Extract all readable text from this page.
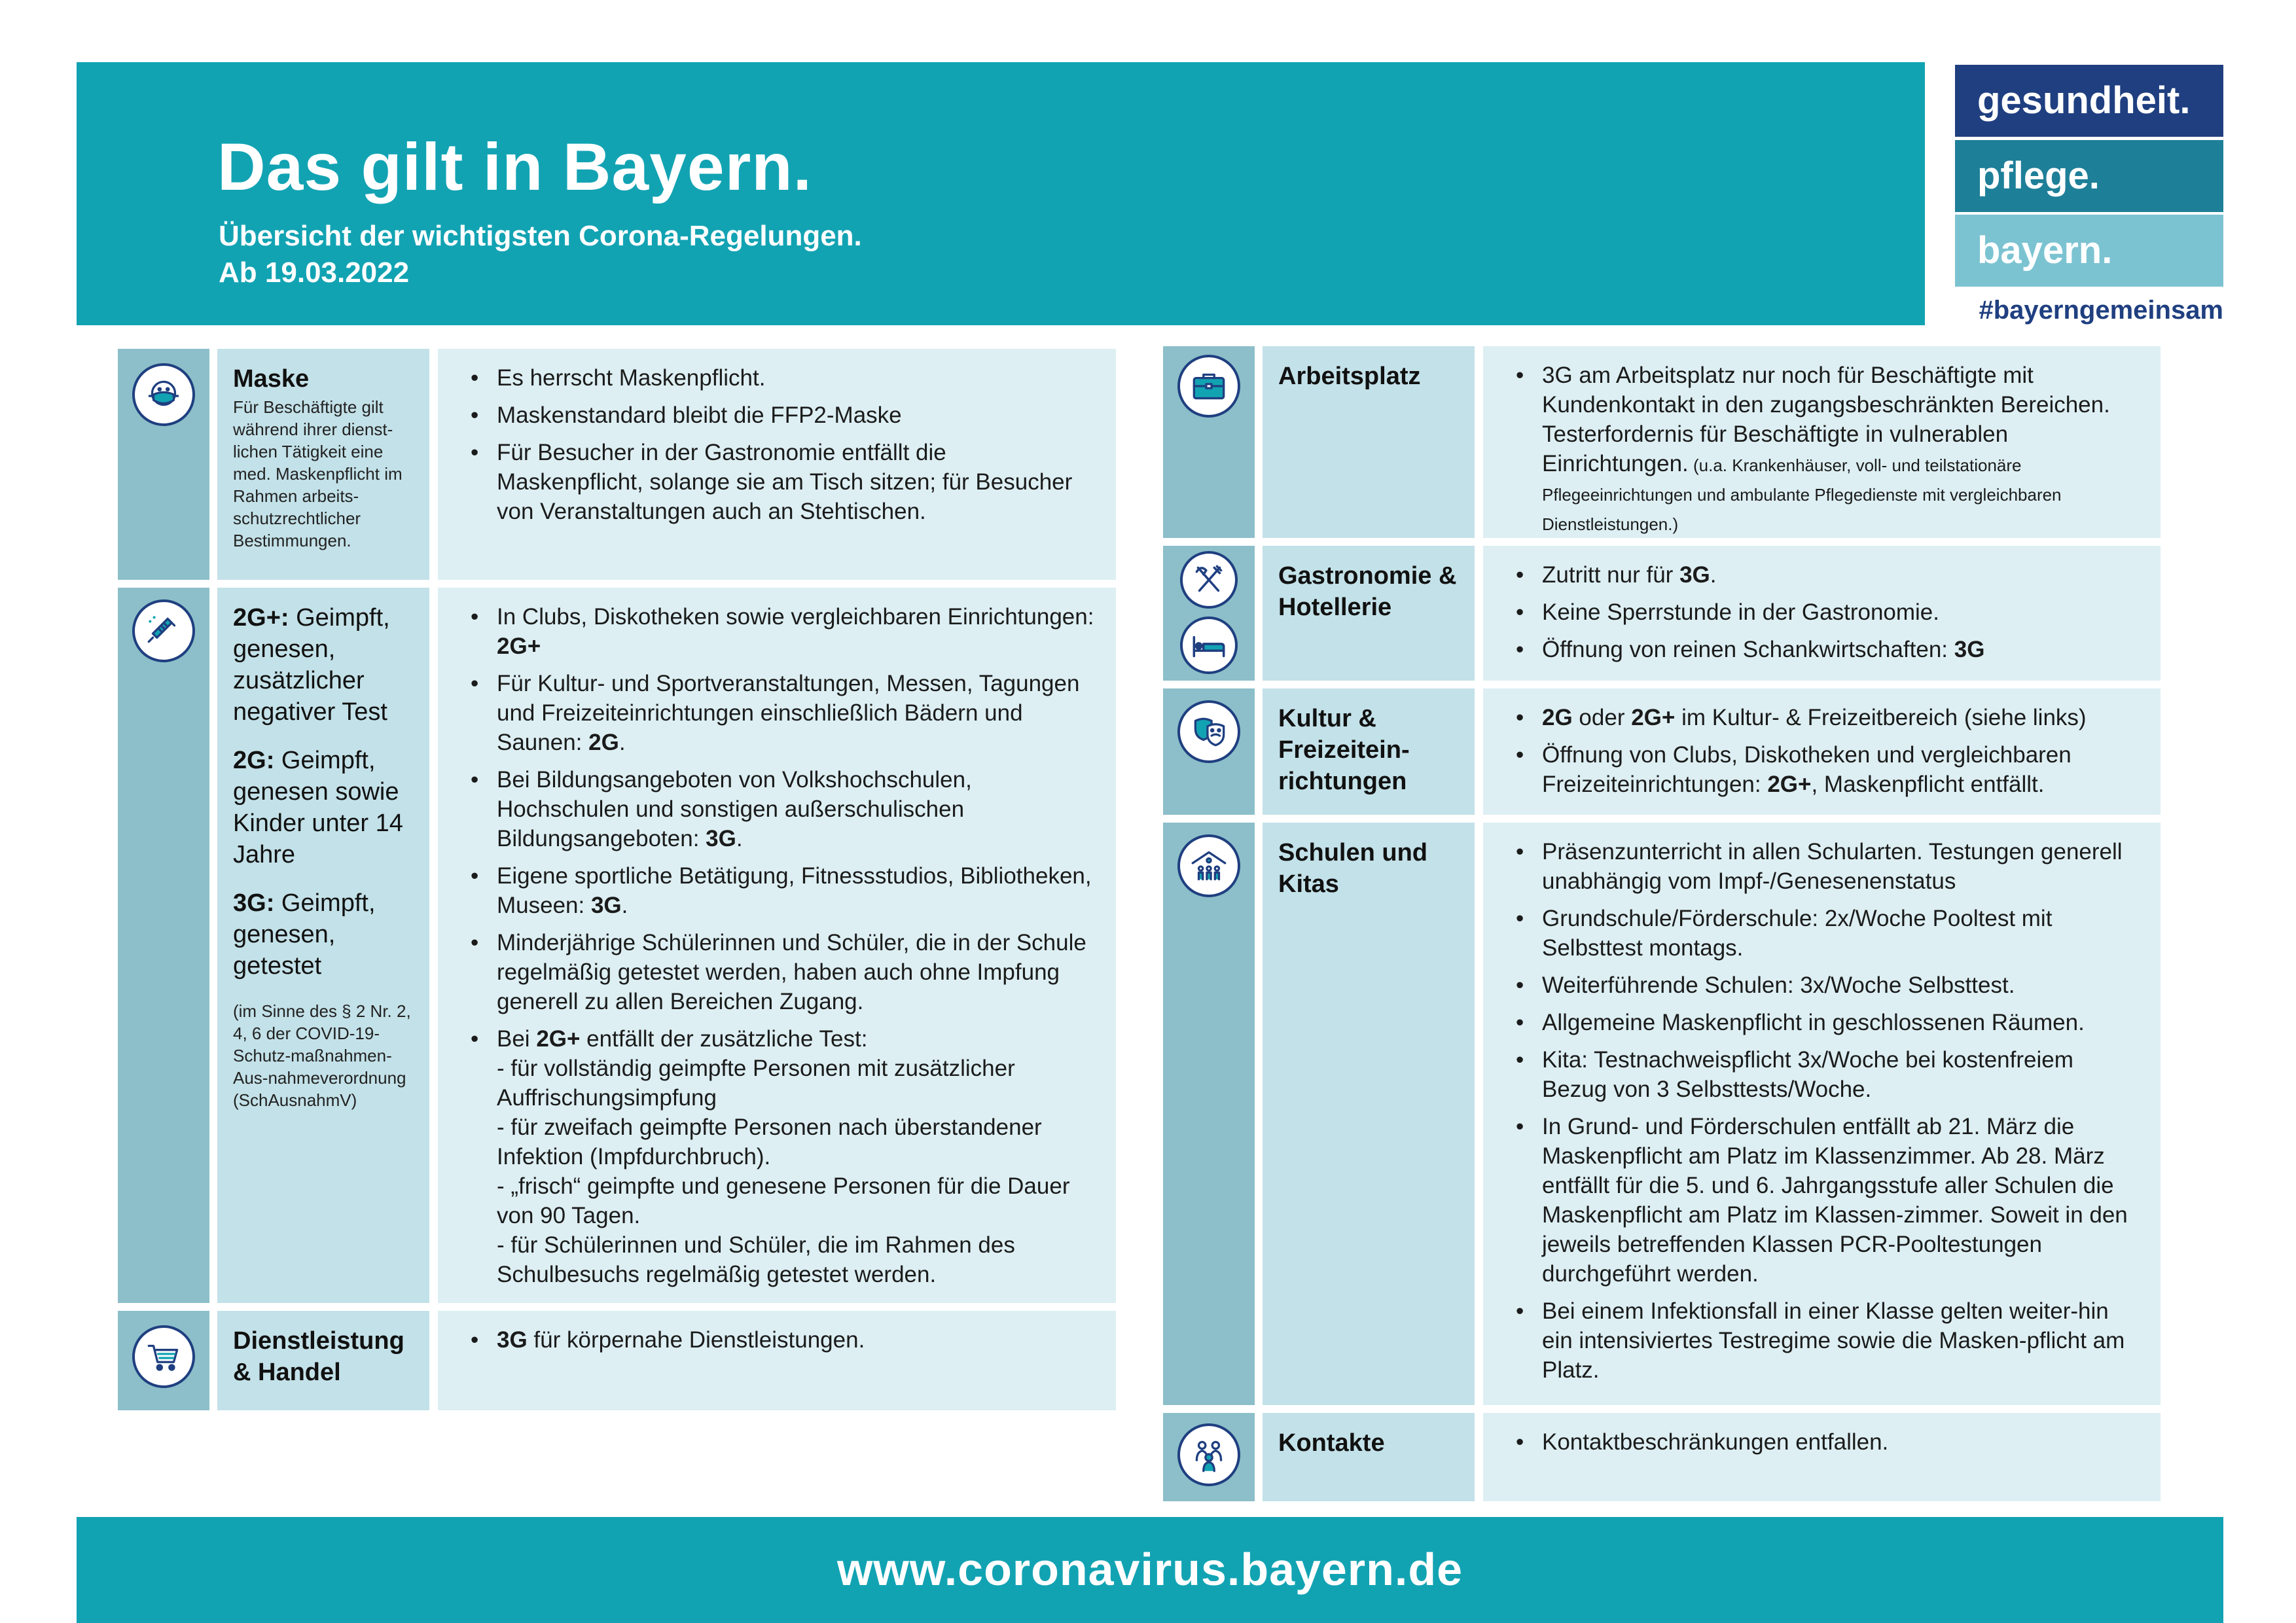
Das gilt in Bayern.
Übersicht der wichtigsten Corona-Regelungen.
Ab 19.03.2022
gesundheit.
pflege.
bayern.
#bayerngemeinsam
Maske
Für Beschäftigte gilt während ihrer dienst-lichen Tätigkeit eine med. Maskenpflicht im Rahmen arbeits-schutzrechtlicher Bestimmungen.
• Es herrscht Maskenpflicht.
• Maskenstandard bleibt die FFP2-Maske
• Für Besucher in der Gastronomie entfällt die Maskenpflicht, solange sie am Tisch sitzen; für Besucher von Veranstaltungen auch an Stehtischen.
2G+: Geimpft, genesen, zusätzlicher negativer Test
2G: Geimpft, genesen sowie Kinder unter 14 Jahre
3G: Geimpft, genesen, getestet
(im Sinne des § 2 Nr. 2, 4, 6 der COVID-19-Schutz-maßnahmen-Aus-nahmeverordnung (SchAusnahmV)
• In Clubs, Diskotheken sowie vergleichbaren Einrichtungen: 2G+
• Für Kultur- und Sportveranstaltungen, Messen, Tagungen und Freizeiteinrichtungen einschließlich Bädern und Saunen: 2G.
• Bei Bildungsangeboten von Volkshochschulen, Hochschulen und sonstigen außerschulischen Bildungsangeboten: 3G.
• Eigene sportliche Betätigung, Fitnessstudios, Bibliotheken, Museen: 3G.
• Minderjährige Schülerinnen und Schüler, die in der Schule regelmäßig getestet werden, haben auch ohne Impfung generell zu allen Bereichen Zugang.
• Bei 2G+ entfällt der zusätzliche Test:
- für vollständig geimpfte Personen mit zusätzlicher Auffrischungsimpfung
- für zweifach geimpfte Personen nach überstandener Infektion (Impfdurchbruch).
- „frisch“ geimpfte und genesene Personen für die Dauer von 90 Tagen.
- für Schülerinnen und Schüler, die im Rahmen des Schulbesuchs regelmäßig getestet werden.
Dienstleistung & Handel
• 3G für körpernahe Dienstleistungen.
Arbeitsplatz	• 3G am Arbeitsplatz nur noch für Beschäftigte mit Kundenkontakt in den zugangsbeschränkten Bereichen. Testerfordernis für Beschäftigte in vulnerablen Einrichtungen. (u.a. Krankenhäuser, voll- und teilstationäre Pflegeeinrichtungen und ambulante Pflegedienste mit vergleichbaren Dienstleistungen.)
Gastronomie & Hotellerie
• Zutritt nur für 3G.
• Keine Sperrstunde in der Gastronomie.
• Öffnung von reinen Schankwirtschaften: 3G
Kultur & Freizeitein-richtungen
• 2G oder 2G+ im Kultur- & Freizeitbereich (siehe links)
• Öffnung von Clubs, Diskotheken und vergleichbaren Freizeiteinrichtungen: 2G+, Maskenpflicht entfällt.
Schulen und Kitas
• Präsenzunterricht in allen Schularten. Testungen generell unabhängig vom Impf-/Genesenenstatus
• Grundschule/Förderschule: 2x/Woche Pooltest mit Selbsttest montags.
• Weiterführende Schulen: 3x/Woche Selbsttest.
• Allgemeine Maskenpflicht in geschlossenen Räumen.
• Kita: Testnachweispflicht 3x/Woche bei kostenfreiem Bezug von 3 Selbsttests/Woche.
• In Grund- und Förderschulen entfällt ab 21. März die Maskenpflicht am Platz im Klassenzimmer. Ab 28. März entfällt für die 5. und 6. Jahrgangsstufe aller Schulen die Maskenpflicht am Platz im Klassen-zimmer. Soweit in den jeweils betreffenden Klassen PCR-Pooltestungen durchgeführt werden.
• Bei einem Infektionsfall in einer Klasse gelten weiter-hin ein intensiviertes Testregime sowie die Masken-pflicht am Platz.
Kontakte	• Kontaktbeschränkungen entfallen.
www.coronavirus.bayern.de
